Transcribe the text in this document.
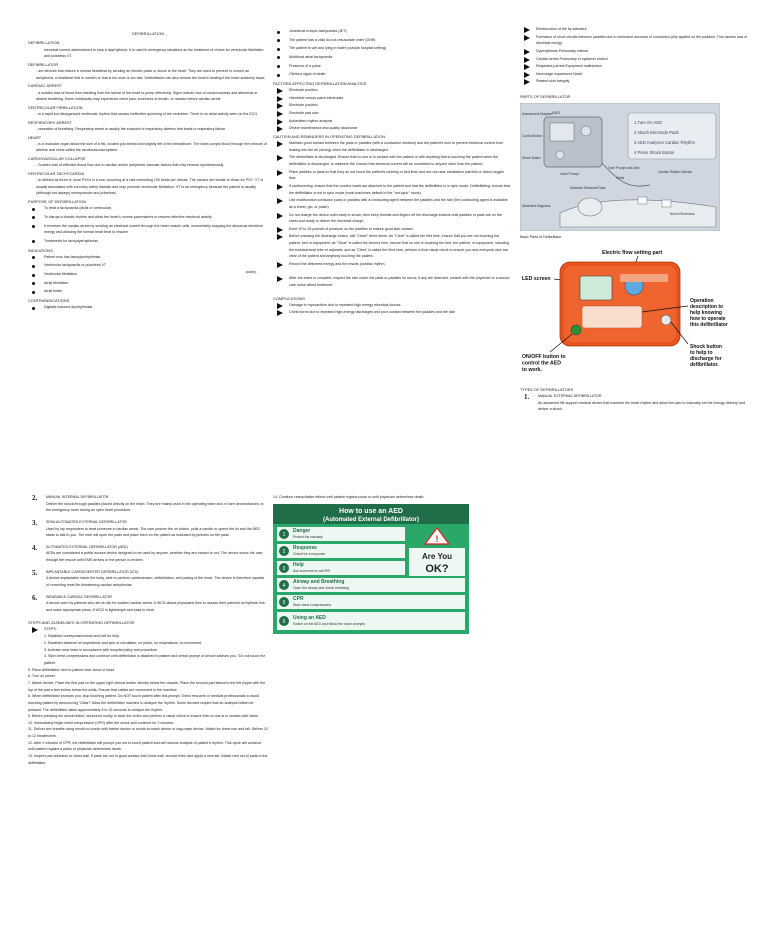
DEFIBRILLATION
DEFIBRILLATION
electrical current administered to stop a dysrhythmia. It is used in emergency situations as the treatment of choice for ventricular fibrillation and pulseless VT.
DEFIBRILLATOR
- are devices that restore a normal heartbeat by sending an electric pulse or shock to the heart. They are used to prevent or correct an arrhythmia, a heartbeat that is uneven or that is too slow or too fast. Defibrillators can also restore the heart's beating if the heart suddenly stops.
CARDIAC ARREST
- a sudden loss of blood flow resulting from the failure of the heart to pump effectively. Signs include loss of consciousness and abnormal or absent breathing. Some individuals may experience chest pain, shortness of breath, or nausea before cardiac arrest.
VENTRICULAR FIBRILLATION
- is a rapid but disorganized ventricular rhythm that causes ineffective quivering of the ventricles. There is no atrial activity seen on the ECG.
RESPIRATORY ARREST
- cessation of breathing. Respiratory arrest is usually the endpoint of respiratory distress that leads to respiratory failure.
HEART
- is a muscular organ about the size of a fist, located just behind and slightly left of the breastbone. The heart pumps blood through the network of arteries and veins called the cardiovascular system.
CARDIOVASCULAR COLLAPSE
- Sudden loss of effective blood flow due to cardiac and/or peripheral vascular factors that may reverse spontaneously.
VENTRICULAR TACHYCARDIA
- is defined as three or more PVCs in a row, occurring at a rate exceeding 100 beats per minute. The causes are similar to those for PVC. VT is usually associated with coronary artery disease and may precede ventricular fibrillation. VT is an emergency because the patient is usually (although not always) unresponsive and pulseless.
PURPOSE OF DEFIBRILLATION
To treat a tachycardia (atrial or ventricular)
To disrupt a chaotic rhythm and allow the heart's normal pacemakers to resume effective electrical activity
It reverses the cardiac arrest by sending an electrical current through the heart muscle cells, momentarily stopping the abnormal electrical energy and allowing the normal heart beat to resume
Treatments for tachydysrhythmias
INDICATIONS
Patient who has tachydysrhythmias
Ventricular tachycardia or pulseless VT
Ventricular fibrillation
Atrial fibrillation
Atrial flutter
CONTRAINDICATIONS
Digitalis induced dysrhythmias
Junctional ectopic tachycardia (JET)
The patient has a valid do-not-resuscitate order (DNR)
The patient is wet and lying in water (outside hospital setting)
Multifocal atrial tachycardia
Presence of a pulse
Obvious signs of death
FACTORS AFFECTING DEFIBRILLATION ANALYSIS
Electrode position
Handheld versus patch electrodes
Electrode position
Electrode pad size
Automated rhythm analysis
Device maintenance and quality assurance
CAUTION AND REMINDERS IN OPERATING DEFIBRILLATION
Maintain good contact between the pads or paddles (with a conductive medium) and the patient's skin to prevent electrical current from leaking into the air (arcing) when the defibrillator is discharged.
The defibrillator is discharged. Ensure that no one is in contact with the patient or with anything that is touching the patient when the defibrillator is discharged, to minimize the chance that electrical current will be conducted to anyone other than the patient.
Place paddles or pads so that they do not touch the patient's clothing or bed linen and are not near medication patches or direct oxygen flow.
If cardioverting, ensure that the monitor leads are attached to the patient and that the defibrillator is in sync mode. Defibrillating, ensure that the defibrillator is not in sync mode (most machines default to the "not-sync" mode).
Use multifunction conductor pads or paddles with a conducting agent between the paddles and the skin (the conducting agent is available as a sheet, gel, or paste).
Do not charge the device until ready to shock; then keep thumbs and fingers off the discharge buttons until paddles or pads are on the chest and ready to deliver the electrical charge.
Exert 20 to 25 pounds of pressure on the paddles to ensure good skin contact.
Before pressing the discharge button, call "Clear!" three times. As "Clear" is called the first time, ensure that you are not touching the patient, bed or equipment; as "Clear" is called the second time, ensure that no one is touching the bed, the patient, or equipment, including the endotracheal tube or adjuncts; and as "Clear" is called the third time, perform a final visual check to ensure you and everyone else are clear of the patient and anything touching the patient.
Record the delivered energy and the results (cardiac rhythm,
pulse).
After the event is complete, inspect the skin under the pads or paddles for burns; if any are detected, consult with the physician or a wound care nurse about treatment.
COMPLICATIONS
Damage to myocardium due to repeated high energy electrical shocks
Chest burns due to repeated high-energy discharges and poor contact between the paddles and the skin
Electrocution of the by-standers
Formation of short circuits between paddles due to excessive amounts of conduction jelly applied on the paddles. This causes loss of electrical energy
Dysrhythmias Pulmonary edema
Cardiac arrest Pulmonary or systemic emboli
Respiratory arrest Equipment malfunction
Neurologic impairment Death
Related skin integrity
PARTS OF DEFIBRILLATOR
1 Turn On AED
2 Attach Electrode Pads
3 AED Analyzes Cardiac Rhythm
4 Press Shock Button
AED
Assessment Diagram
Control Button
Shock Button
Voice Prompt
Adhesive Electrode Pads
Cardiac Rhythm Monitor
Cable
Tone Prompt and Alert
Nerve Electrodes
Illustrated Diagrams
Basic Parts of Defibrillator
Electric flow setting part
LED screen
Operation description to help knowing how to operate this defibrillator
Shock button to help to discharge for defibrillator.
ON/OFF button to control the AED to work.
TYPES OF DEFIBRILLATORS
1. MANUAL EXTERNAL DEFIBRILLATOR
An advanced life support medical device that monitors the heart rhythm and allow the user to manually set the energy delivery and deliver a shock.
2. MANUAL INTERNAL DEFIBRILLATOR
Deliver the shock through paddles placed directly on the heart. They are mainly used in the operating team and, in rare circumstances, in the emergency room during an open heart procedure.
3. SEMI-AUTOMATED EXTERNAL DEFIBRILLATOR
Used by lay responders to treat someone in cardiac arrest. The user pushes the on button, pulls a handle or opens the lid and the AED starts to talk to you. The user will open the pads and place them on the patient as indicated by pictures on the pads.
4. AUTOMATED EXTERNAL DEFIBRILLATOR (AED)
AEDs are considered a public access device designed to be used by anyone, whether they are trained or not. The device works the user through the rescue until EMS arrives or the person is revived.
5. IMPLANTABLE CARDIOVERTER DEFIBRILLATOR (ICD)
A device implantable inside the body, able to perform cardioversion, defibrillation, and pacing of the heart. The device is therefore capable of correcting most life-threatening cardiac arrhythmias.
6. WEARABLE CARDIAC DEFIBRILLATOR
A device worn by patients who are at risk for sudden cardiac arrest. A WCD allows physicians time to assess their patient's arrhythmic risk and make appropriate plans. A WCD is lightweight and easy to wear.
STEPS AND GUIDELINES IN OPERATING DEFIBRILLATOR
STEPS:
1. Establish unresponsiveness and call for help.
2. Establish absence of respirations and lack of circulation: no pulse, no respirations, no movement.
3. Activate code team in accordance with hospital policy and procedure.
4. Start chest compressions and continue until defibrillator is attached to patient and verbal prompt of device advises you, "Do not touch the patient.
5. Place defibrillator next to patient near chest or head.
6. Turn on power
7. Attach device. Place the first pad on the upper right sternal border directly below the clavicle. Place the second pad lateral to the left nipple with the top of the pad a few inches below the axilla. Ensure that cables are connected to the machine.
8. When defibrillator prompts you, stop touching patient. Do NOT touch patient after this prompt. Direct rescuers or medical professionals to avoid touching patient by announcing "Clear!" Allow the defibrillator machine to analyze the rhythm. Some devices require that an analysis button be pressed. The defibrillator takes approximately 5 to 15 seconds to analyze the rhythm.
9. Before pressing the shock button, announce loudly to clear the victim and perform a visual check to ensure that no one is in contact with victim.
10. Immediately begin chest compression (CPR) after the shock and continue for 2 minutes.
11. Deliver two breaths using mouth-to-mouth with barrier device or mouth-to-mask device or bag-mask device. Watch for chest rise and fall. Deliver 10 to 12 breaths/min.
12. After 2 minutes of CPR, the defibrillator will prompt you not to touch patient and will resume analysis of patient's rhythm. This cycle will continue until patient regains a pulse or physician determines death.
13. Inspect pad adhesion to chest wall. If pads are not in good contact with chest wall, remove them and apply a new set. Attach new set of pads to the defibrillator.
14. Continue resuscitative efforts until patient regains pulse or until physician determines death.
How to use an AED
(Automated External Defibrillator)
1
Danger
Protect the casualty
2
Response
Check for a response
3
Help
Ask someone to call 999
4
Airway and Breathing
Open the airway and check breathing
5
CPR
Start chest compressions
6
Using an AED
Switch on the AED and follow the voice prompts
!
Are You
OK?
